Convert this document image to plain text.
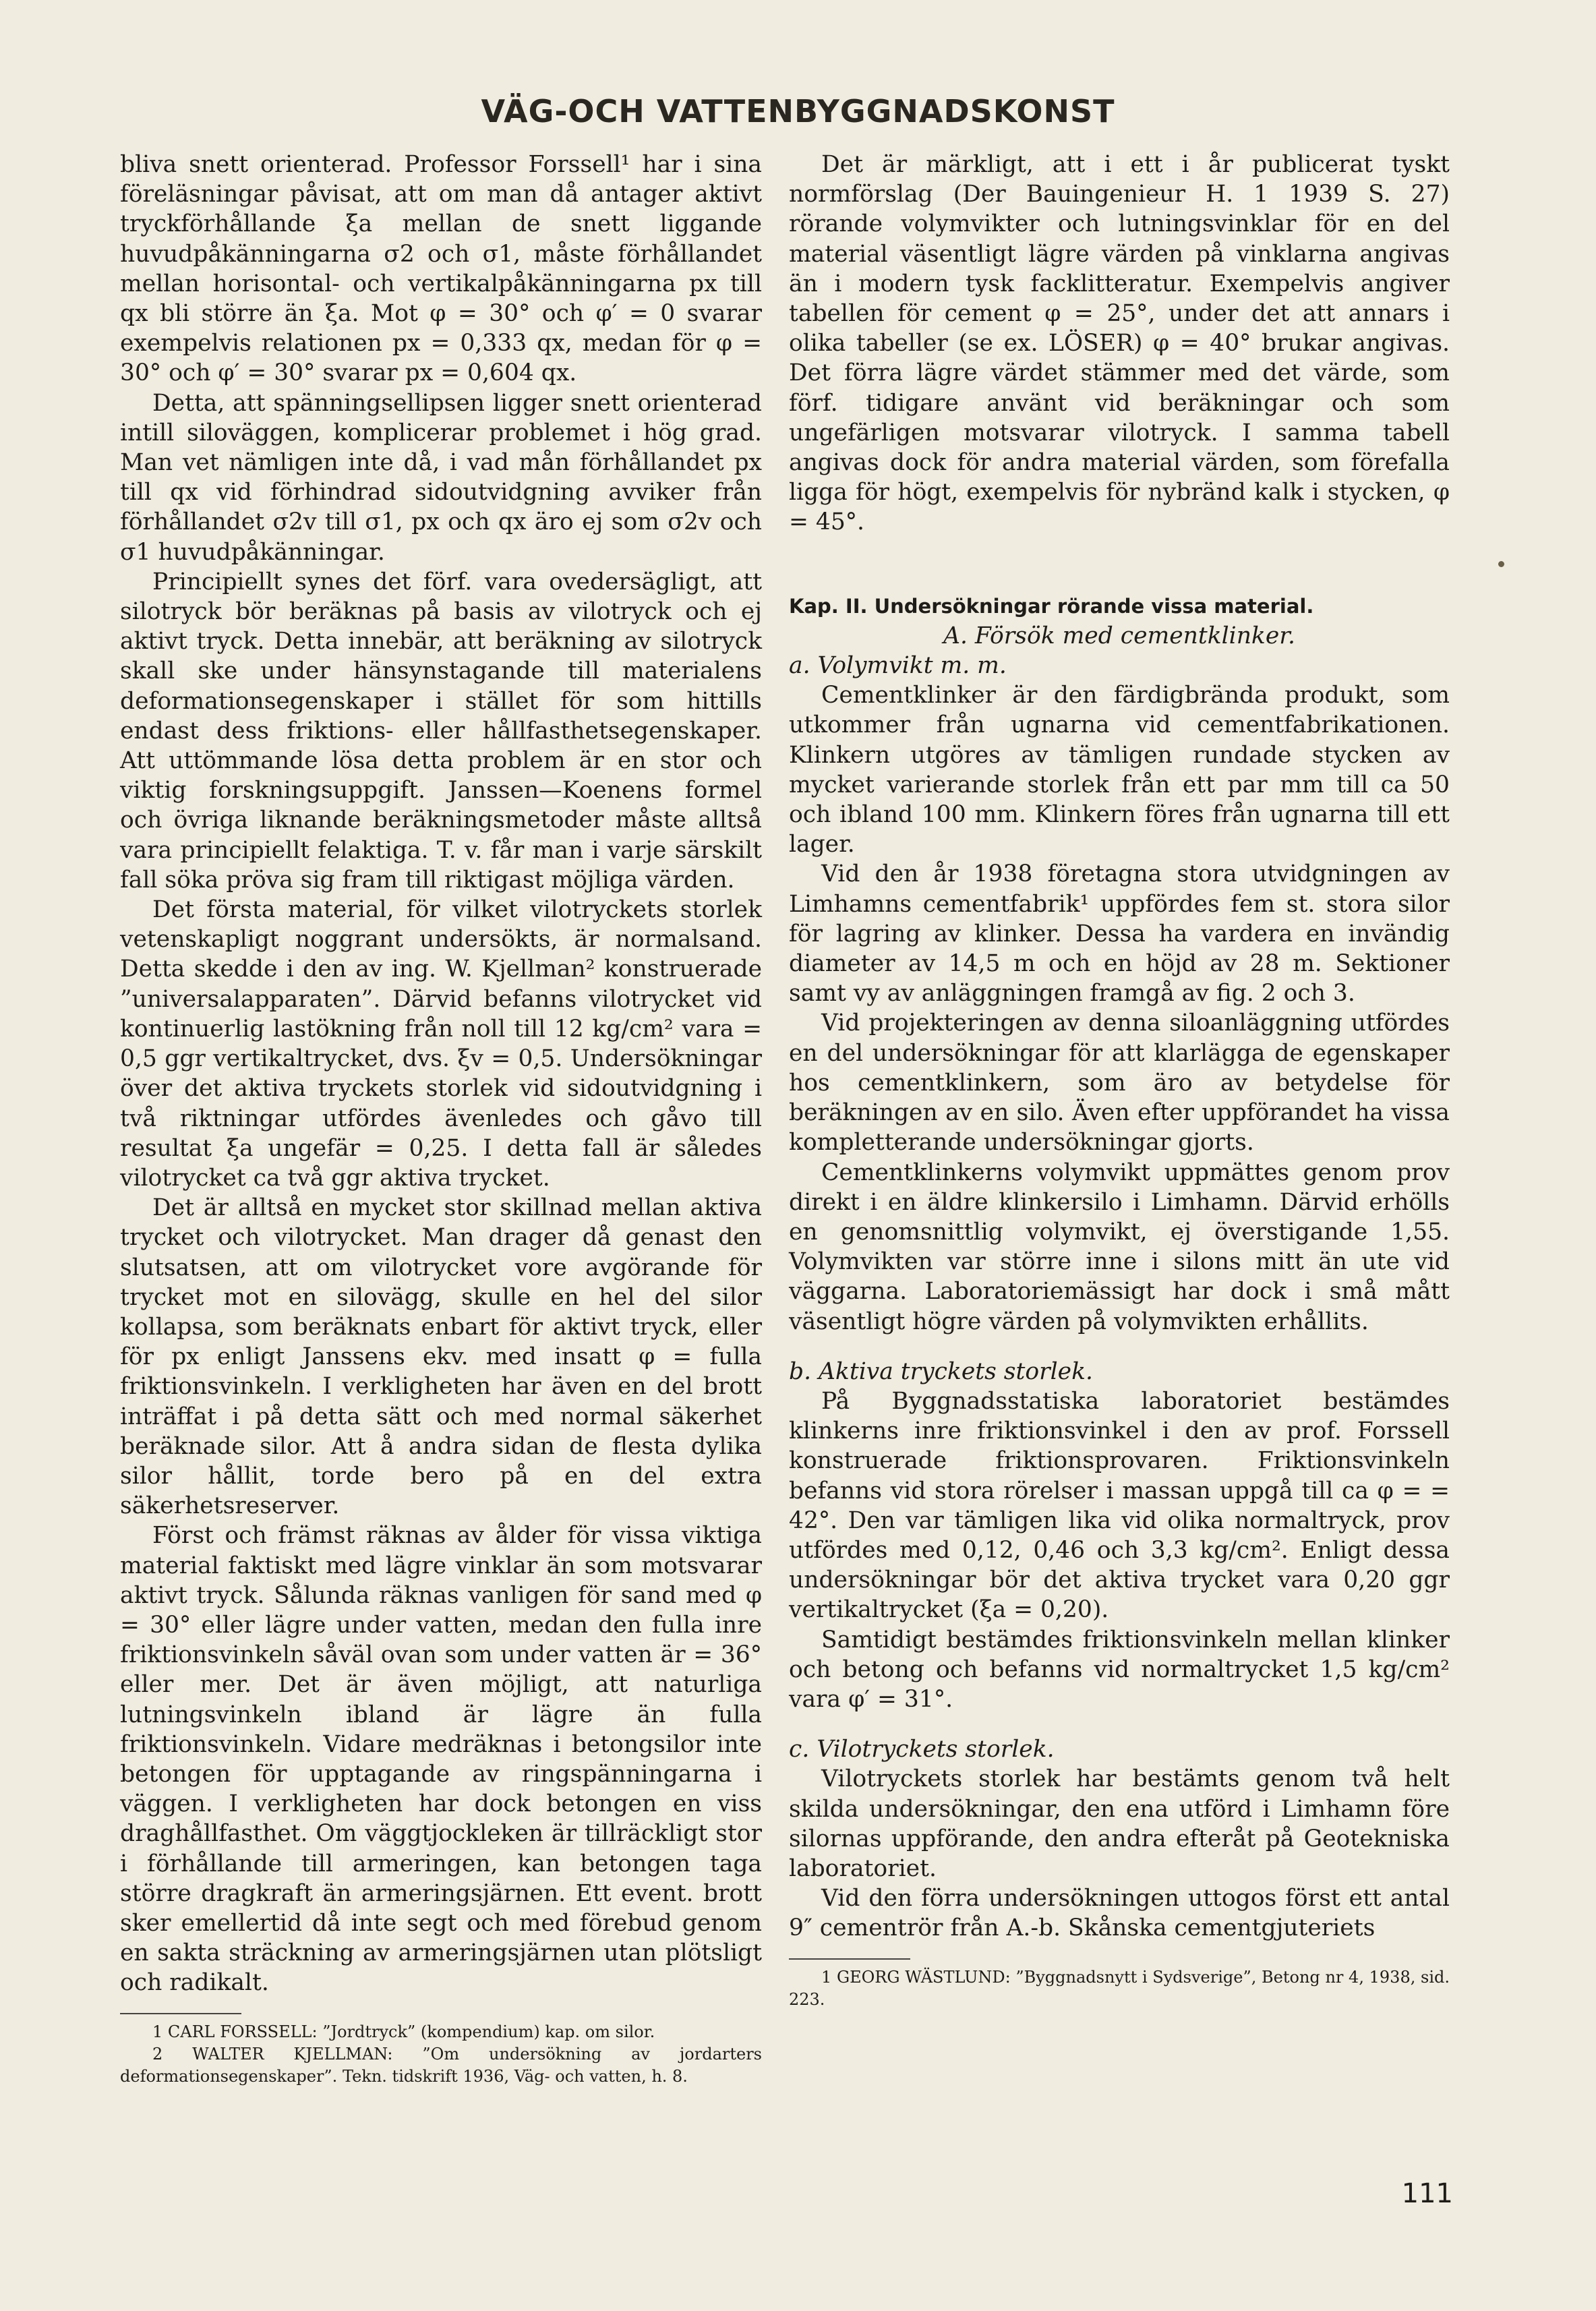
VÄG-OCH VATTENBYGGNADSKONST

bliva snett orienterad. Professor Forssell¹ har i sina föreläsningar påvisat, att om man då antager aktivt tryckförhållande ξa mellan de snett liggande huvudpåkänningarna σ2 och σ1, måste förhållandet mellan horisontal- och vertikalpåkänningarna px till qx bli större än ξa. Mot φ = 30° och φ′ = 0 svarar exempelvis relationen px = 0,333 qx, medan för φ = 30° och φ′ = 30° svarar px = 0,604 qx.

Detta, att spänningsellipsen ligger snett orienterad intill siloväggen, komplicerar problemet i hög grad. Man vet nämligen inte då, i vad mån förhållandet px till qx vid förhindrad sidoutvidgning avviker från förhållandet σ2v till σ1, px och qx äro ej som σ2v och σ1 huvudpåkänningar.

Principiellt synes det förf. vara ovedersägligt, att silotryck bör beräknas på basis av vilotryck och ej aktivt tryck. Detta innebär, att beräkning av silotryck skall ske under hänsynstagande till materialens deformationsegenskaper i stället för som hittills endast dess friktions- eller hållfasthetsegenskaper. Att uttömmande lösa detta problem är en stor och viktig forskningsuppgift. Janssen—Koenens formel och övriga liknande beräkningsmetoder måste alltså vara principiellt felaktiga. T. v. får man i varje särskilt fall söka pröva sig fram till riktigast möjliga värden.

Det första material, för vilket vilotryckets storlek vetenskapligt noggrant undersökts, är normalsand. Detta skedde i den av ing. W. Kjellman² konstruerade ”universalapparaten”. Därvid befanns vilotrycket vid kontinuerlig lastökning från noll till 12 kg/cm² vara = 0,5 ggr vertikaltrycket, dvs. ξv = 0,5. Undersökningar över det aktiva tryckets storlek vid sidoutvidgning i två riktningar utfördes ävenledes och gåvo till resultat ξa ungefär = 0,25. I detta fall är således vilotrycket ca två ggr aktiva trycket.

Det är alltså en mycket stor skillnad mellan aktiva trycket och vilotrycket. Man drager då genast den slutsatsen, att om vilotrycket vore avgörande för trycket mot en silovägg, skulle en hel del silor kollapsa, som beräknats enbart för aktivt tryck, eller för px enligt Janssens ekv. med insatt φ = fulla friktionsvinkeln. I verkligheten har även en del brott inträffat i på detta sätt och med normal säkerhet beräknade silor. Att å andra sidan de flesta dylika silor hållit, torde bero på en del extra säkerhetsreserver.

Först och främst räknas av ålder för vissa viktiga material faktiskt med lägre vinklar än som motsvarar aktivt tryck. Sålunda räknas vanligen för sand med φ = 30° eller lägre under vatten, medan den fulla inre friktionsvinkeln såväl ovan som under vatten är = 36° eller mer. Det är även möjligt, att naturliga lutningsvinkeln ibland är lägre än fulla friktionsvinkeln. Vidare medräknas i betongsilor inte betongen för upptagande av ringspänningarna i väggen. I verkligheten har dock betongen en viss draghållfasthet. Om väggtjockleken är tillräckligt stor i förhållande till armeringen, kan betongen taga större dragkraft än armeringsjärnen. Ett event. brott sker emellertid då inte segt och med förebud genom en sakta sträckning av armeringsjärnen utan plötsligt och radikalt.

1 CARL FORSSELL: ”Jordtryck” (kompendium) kap. om silor.

2 WALTER KJELLMAN: ”Om undersökning av jordarters deformationsegenskaper”. Tekn. tidskrift 1936, Väg- och vatten, h. 8.

Det är märkligt, att i ett i år publicerat tyskt normförslag (Der Bauingenieur H. 1 1939 S. 27) rörande volymvikter och lutningsvinklar för en del material väsentligt lägre värden på vinklarna angivas än i modern tysk facklitteratur. Exempelvis angiver tabellen för cement φ = 25°, under det att annars i olika tabeller (se ex. LÖSER) φ = 40° brukar angivas. Det förra lägre värdet stämmer med det värde, som förf. tidigare använt vid beräkningar och som ungefärligen motsvarar vilotryck. I samma tabell angivas dock för andra material värden, som förefalla ligga för högt, exempelvis för nybränd kalk i stycken, φ = 45°.

Kap. II. Undersökningar rörande vissa material.

A. Försök med cementklinker.

a. Volymvikt m. m.

Cementklinker är den färdigbrända produkt, som utkommer från ugnarna vid cementfabrikationen. Klinkern utgöres av tämligen rundade stycken av mycket varierande storlek från ett par mm till ca 50 och ibland 100 mm. Klinkern föres från ugnarna till ett lager.

Vid den år 1938 företagna stora utvidgningen av Limhamns cementfabrik¹ uppfördes fem st. stora silor för lagring av klinker. Dessa ha vardera en invändig diameter av 14,5 m och en höjd av 28 m. Sektioner samt vy av anläggningen framgå av fig. 2 och 3.

Vid projekteringen av denna siloanläggning utfördes en del undersökningar för att klarlägga de egenskaper hos cementklinkern, som äro av betydelse för beräkningen av en silo. Även efter uppförandet ha vissa kompletterande undersökningar gjorts.

Cementklinkerns volymvikt uppmättes genom prov direkt i en äldre klinkersilo i Limhamn. Därvid erhölls en genomsnittlig volymvikt, ej överstigande 1,55. Volymvikten var större inne i silons mitt än ute vid väggarna. Laboratoriemässigt har dock i små mått väsentligt högre värden på volymvikten erhållits.

b. Aktiva tryckets storlek.

På Byggnadsstatiska laboratoriet bestämdes klinkerns inre friktionsvinkel i den av prof. Forssell konstruerade friktionsprovaren. Friktionsvinkeln befanns vid stora rörelser i massan uppgå till ca φ = = 42°. Den var tämligen lika vid olika normaltryck, prov utfördes med 0,12, 0,46 och 3,3 kg/cm². Enligt dessa undersökningar bör det aktiva trycket vara 0,20 ggr vertikaltrycket (ξa = 0,20).

Samtidigt bestämdes friktionsvinkeln mellan klinker och betong och befanns vid normaltrycket 1,5 kg/cm² vara φ′ = 31°.

c. Vilotryckets storlek.

Vilotryckets storlek har bestämts genom två helt skilda undersökningar, den ena utförd i Limhamn före silornas uppförande, den andra efteråt på Geotekniska laboratoriet.

Vid den förra undersökningen uttogos först ett antal 9″ cementrör från A.-b. Skånska cementgjuteriets

1 GEORG WÄSTLUND: ”Byggnadsnytt i Sydsverige”, Betong nr 4, 1938, sid. 223.

111
